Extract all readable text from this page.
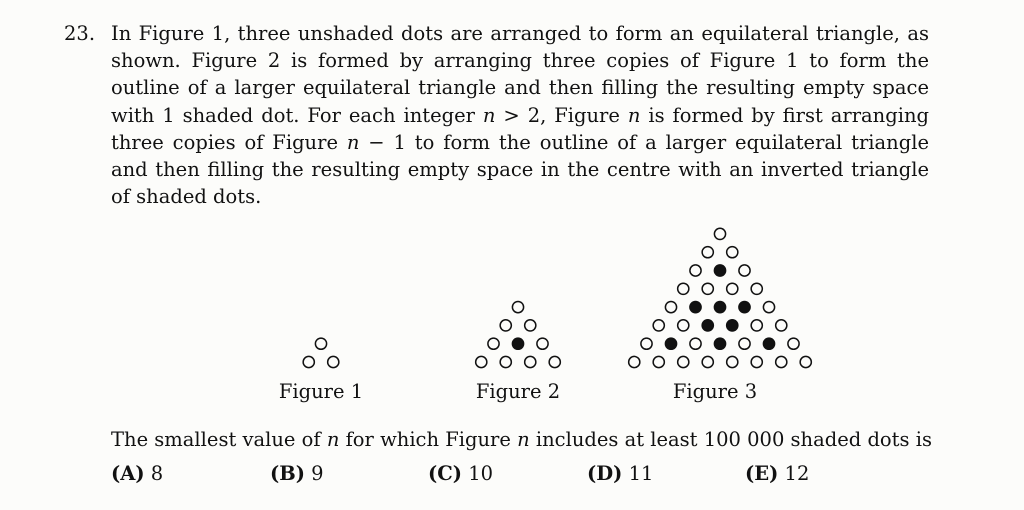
23. In Figure 1, three unshaded dots are arranged to form an equilateral triangle, as shown. Figure 2 is formed by arranging three copies of Figure 1 to form the outline of a larger equilateral triangle and then filling the resulting empty space with 1 shaded dot. For each integer n > 2, Figure n is formed by first arranging three copies of Figure n − 1 to form the outline of a larger equilateral triangle and then filling the resulting empty space in the centre with an inverted triangle of shaded dots.
Figure 1	Figure 2	Figure 3
The smallest value of n for which Figure n includes at least 100 000 shaded dots is
(A) 8	(B) 9	(C) 10	(D) 11	(E) 12
